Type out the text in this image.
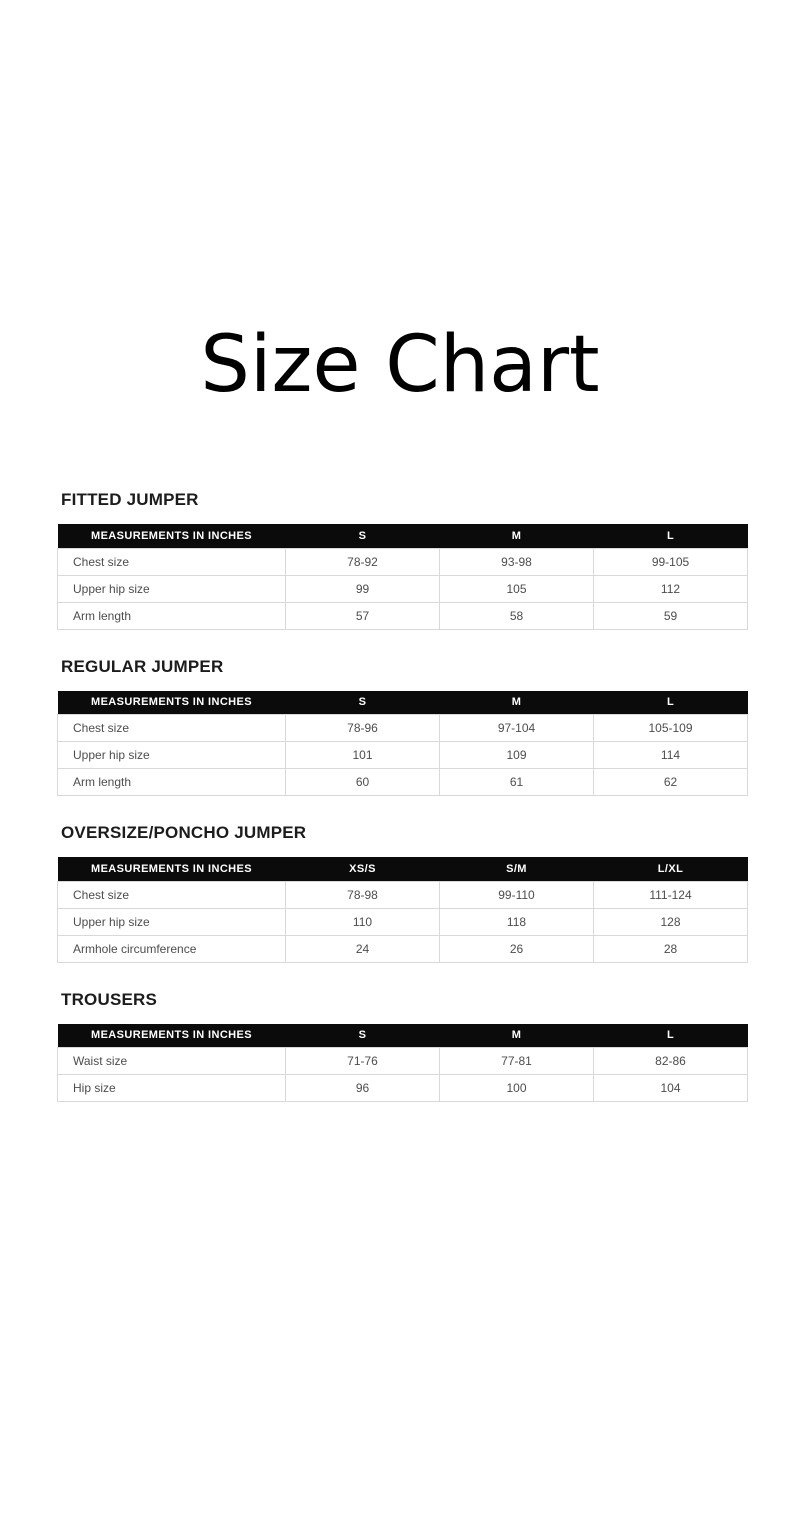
Size Chart
FITTED JUMPER
MEASUREMENTS IN INCHES	S	M	L
Chest size	78-92	93-98	99-105
Upper hip size	99	105	112
Arm length	57	58	59
REGULAR JUMPER
MEASUREMENTS IN INCHES	S	M	L
Chest size	78-96	97-104	105-109
Upper hip size	101	109	114
Arm length	60	61	62
OVERSIZE/PONCHO JUMPER
MEASUREMENTS IN INCHES	XS/S	S/M	L/XL
Chest size	78-98	99-110	111-124
Upper hip size	110	118	128
Armhole circumference	24	26	28
TROUSERS
MEASUREMENTS IN INCHES	S	M	L
Waist size	71-76	77-81	82-86
Hip size	96	100	104
